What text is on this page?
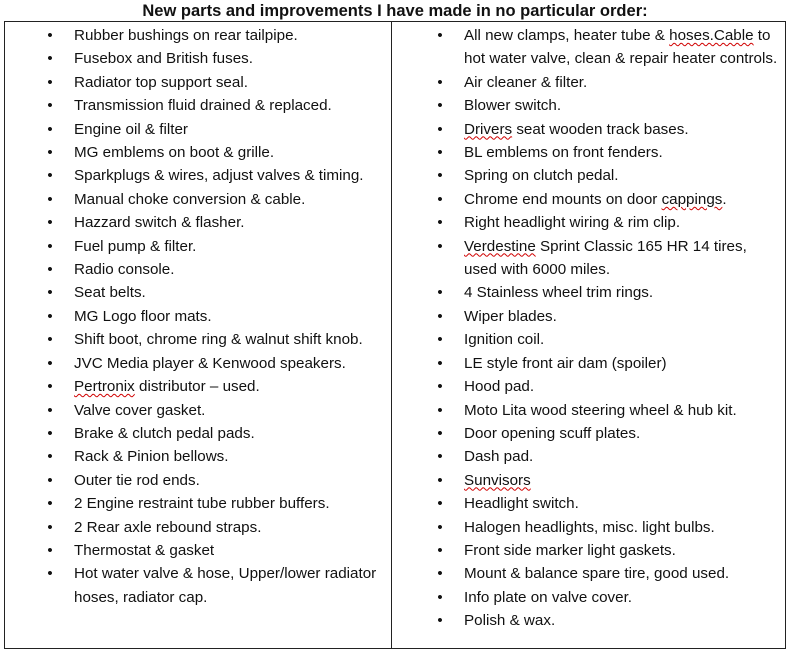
New parts and improvements I have made in no particular order:
• Rubber bushings on rear tailpipe.
• Fusebox and British fuses.
• Radiator top support seal.
• Transmission fluid drained & replaced.
• Engine oil & filter
• MG emblems on boot & grille.
• Sparkplugs & wires, adjust valves & timing.
• Manual choke conversion & cable.
• Hazzard switch & flasher.
• Fuel pump & filter.
• Radio console.
• Seat belts.
• MG Logo floor mats.
• Shift boot, chrome ring & walnut shift knob.
• JVC Media player & Kenwood speakers.
• Pertronix distributor – used.
• Valve cover gasket.
• Brake & clutch pedal pads.
• Rack & Pinion bellows.
• Outer tie rod ends.
• 2 Engine restraint tube rubber buffers.
• 2 Rear axle rebound straps.
• Thermostat & gasket
• Hot water valve & hose, Upper/lower radiator hoses, radiator cap.
• All new clamps, heater tube & hoses.Cable to hot water valve, clean & repair heater controls.
• Air cleaner & filter.
• Blower switch.
• Drivers seat wooden track bases.
• BL emblems on front fenders.
• Spring on clutch pedal.
• Chrome end mounts on door cappings.
• Right headlight wiring & rim clip.
• Verdestine Sprint Classic 165 HR 14 tires, used with 6000 miles.
• 4 Stainless wheel trim rings.
• Wiper blades.
• Ignition coil.
• LE style front air dam (spoiler)
• Hood pad.
• Moto Lita wood steering wheel & hub kit.
• Door opening scuff plates.
• Dash pad.
• Sunvisors
• Headlight switch.
• Halogen headlights, misc. light bulbs.
• Front side marker light gaskets.
• Mount & balance spare tire, good used.
• Info plate on valve cover.
• Polish & wax.
